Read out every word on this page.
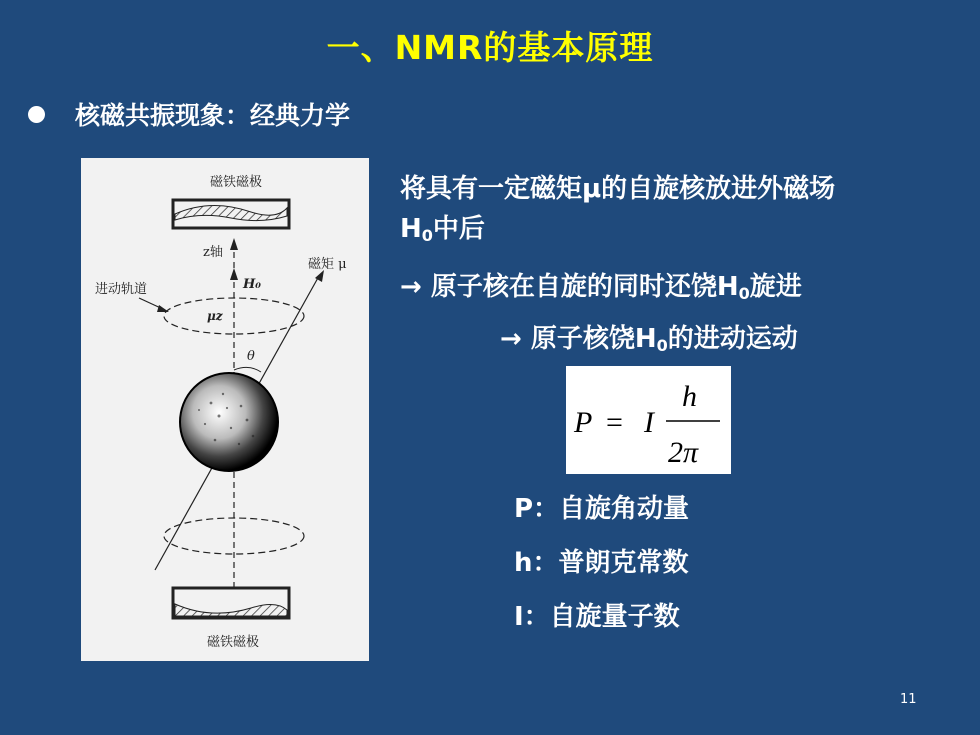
一、NMR的基本原理
核磁共振现象：经典力学
磁铁磁极
z轴
H₀
磁矩 μ
进动轨道
μz
θ
磁铁磁极
将具有一定磁矩μ的自旋核放进外磁场
$H_0$中后
→ 原子核在自旋的同时还饶$H_0$旋进
→ 原子核饶$H_0$的进动运动
P = I
h
2π
P：自旋角动量
h：普朗克常数
I：自旋量子数
11
